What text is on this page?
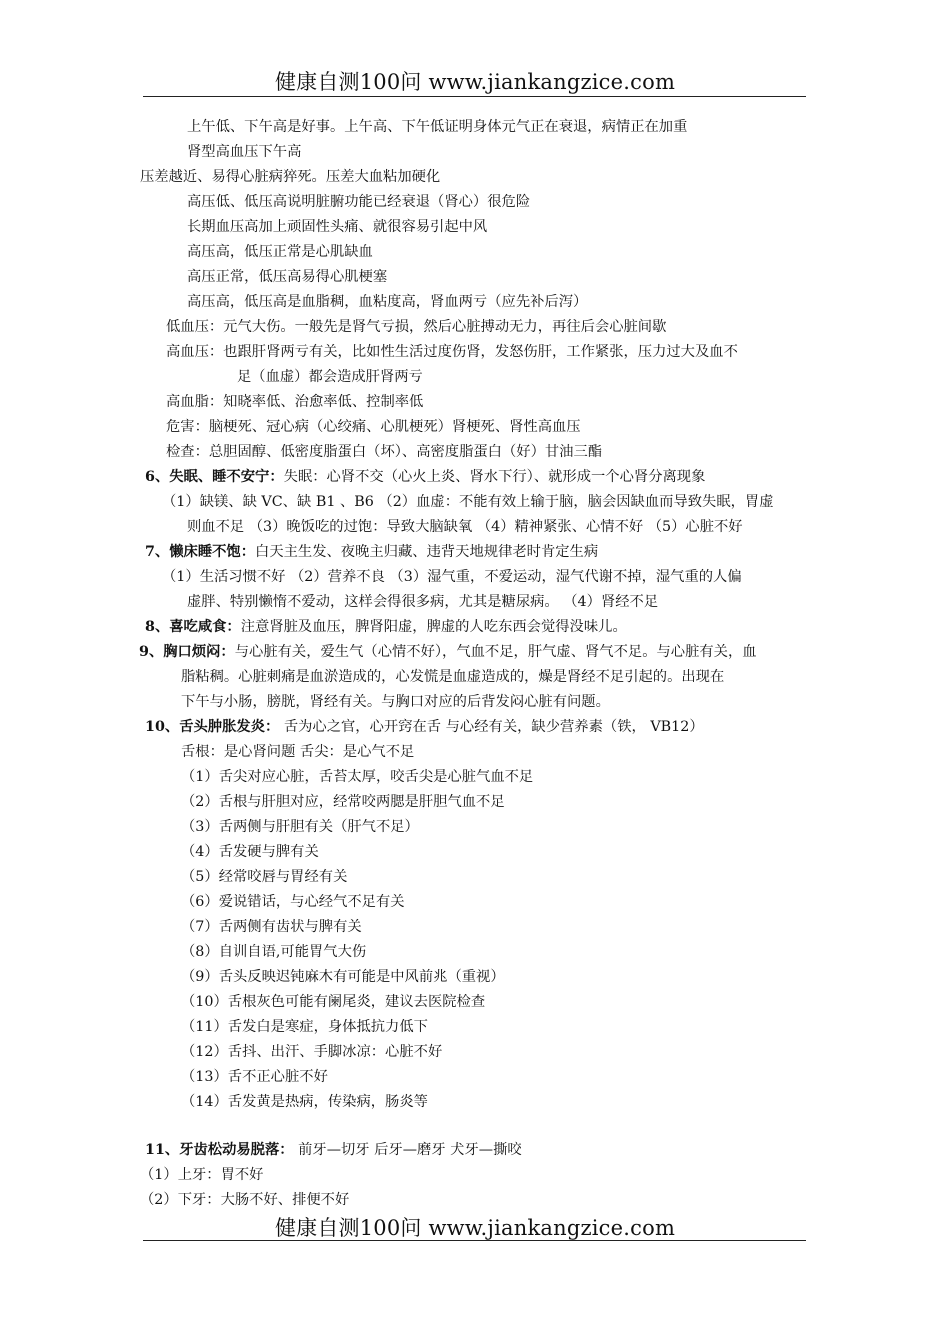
健康自测100问 www.jiankangzice.com
上午低、下午高是好事。上午高、下午低证明身体元气正在衰退，病情正在加重
肾型高血压下午高
压差越近、易得心脏病猝死。压差大血粘加硬化
高压低、低压高说明脏腑功能已经衰退（肾心）很危险
长期血压高加上顽固性头痛、就很容易引起中风
高压高，低压正常是心肌缺血
高压正常，低压高易得心肌梗塞
高压高，低压高是血脂稠，血粘度高，肾血两亏（应先补后泻）
低血压：元气大伤。一般先是肾气亏损，然后心脏搏动无力，再往后会心脏间歇
高血压：也跟肝肾两亏有关，比如性生活过度伤肾，发怒伤肝，工作紧张，压力过大及血不
足（血虚）都会造成肝肾两亏
高血脂：知晓率低、治愈率低、控制率低
危害：脑梗死、冠心病（心绞痛、心肌梗死）肾梗死、肾性高血压
检查：总胆固醇、低密度脂蛋白（坏）、高密度脂蛋白（好）甘油三酯
6、失眠、睡不安宁：失眠：心肾不交（心火上炎、肾水下行）、就形成一个心肾分离现象
（1）缺镁、缺 VC、缺 B1 、B6 （2）血虚：不能有效上输于脑，脑会因缺血而导致失眠，胃虚
则血不足 （3）晚饭吃的过饱：导致大脑缺氧 （4）精神紧张、心情不好 （5）心脏不好
7、懒床睡不饱：白天主生发、夜晚主归藏、违背天地规律老时肯定生病
（1）生活习惯不好 （2）营养不良 （3）湿气重，不爱运动，湿气代谢不掉，湿气重的人偏
虚胖、特别懒惰不爱动，这样会得很多病，尤其是糖尿病。 （4）肾经不足
8、喜吃咸食：注意肾脏及血压，脾肾阳虚，脾虚的人吃东西会觉得没味儿。
9、胸口烦闷：与心脏有关，爱生气（心情不好），气血不足，肝气虚、肾气不足。与心脏有关，血
脂粘稠。心脏刺痛是血淤造成的，心发慌是血虚造成的，燥是肾经不足引起的。出现在
下午与小肠，膀胱，肾经有关。与胸口对应的后背发闷心脏有问题。
10、舌头肿胀发炎： 舌为心之官，心开窍在舌 与心经有关，缺少营养素（铁， VB12）
舌根：是心肾问题 舌尖：是心气不足
（1）舌尖对应心脏，舌苔太厚，咬舌尖是心脏气血不足
（2）舌根与肝胆对应，经常咬两腮是肝胆气血不足
（3）舌两侧与肝胆有关（肝气不足）
（4）舌发硬与脾有关
（5）经常咬唇与胃经有关
（6）爱说错话，与心经气不足有关
（7）舌两侧有齿状与脾有关
（8）自训自语,可能胃气大伤
（9）舌头反映迟钝麻木有可能是中风前兆（重视）
（10）舌根灰色可能有阑尾炎，建议去医院检查
（11）舌发白是寒症，身体抵抗力低下
（12）舌抖、出汗、手脚冰凉：心脏不好
（13）舌不正心脏不好
（14）舌发黄是热病，传染病，肠炎等
11、牙齿松动易脱落： 前牙—切牙 后牙—磨牙 犬牙—撕咬
（1）上牙：胃不好
（2）下牙：大肠不好、排便不好
健康自测100问 www.jiankangzice.com
